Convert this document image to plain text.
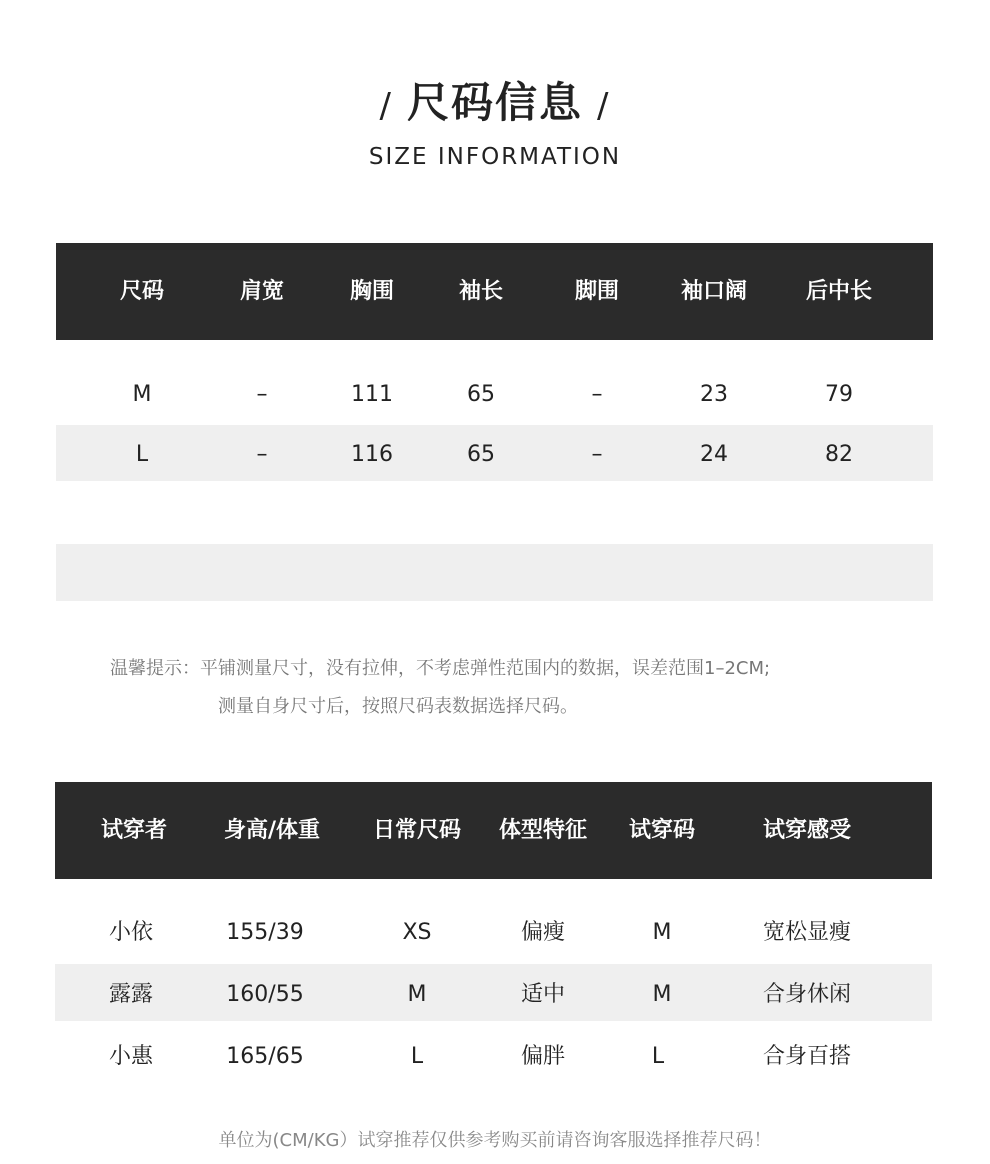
/ 尺码信息 /
SIZE INFORMATION
尺码	肩宽	胸围	袖长	脚围	袖口阔	后中长
M	–	111	65	–	23	79
L	–	116	65	–	24	82
温馨提示：平铺测量尺寸，没有拉伸，不考虑弹性范围内的数据，误差范围1–2CM;
测量自身尺寸后，按照尺码表数据选择尺码。
试穿者	身高/体重 日常尺码 体型特征 试穿码	试穿感受
小依	155/39	XS	偏瘦	M	宽松显瘦
露露	160/55	M	适中	M	合身休闲
小惠	165/65	L	偏胖	L	合身百搭
单位为(CM/KG）试穿推荐仅供参考购买前请咨询客服选择推荐尺码！
